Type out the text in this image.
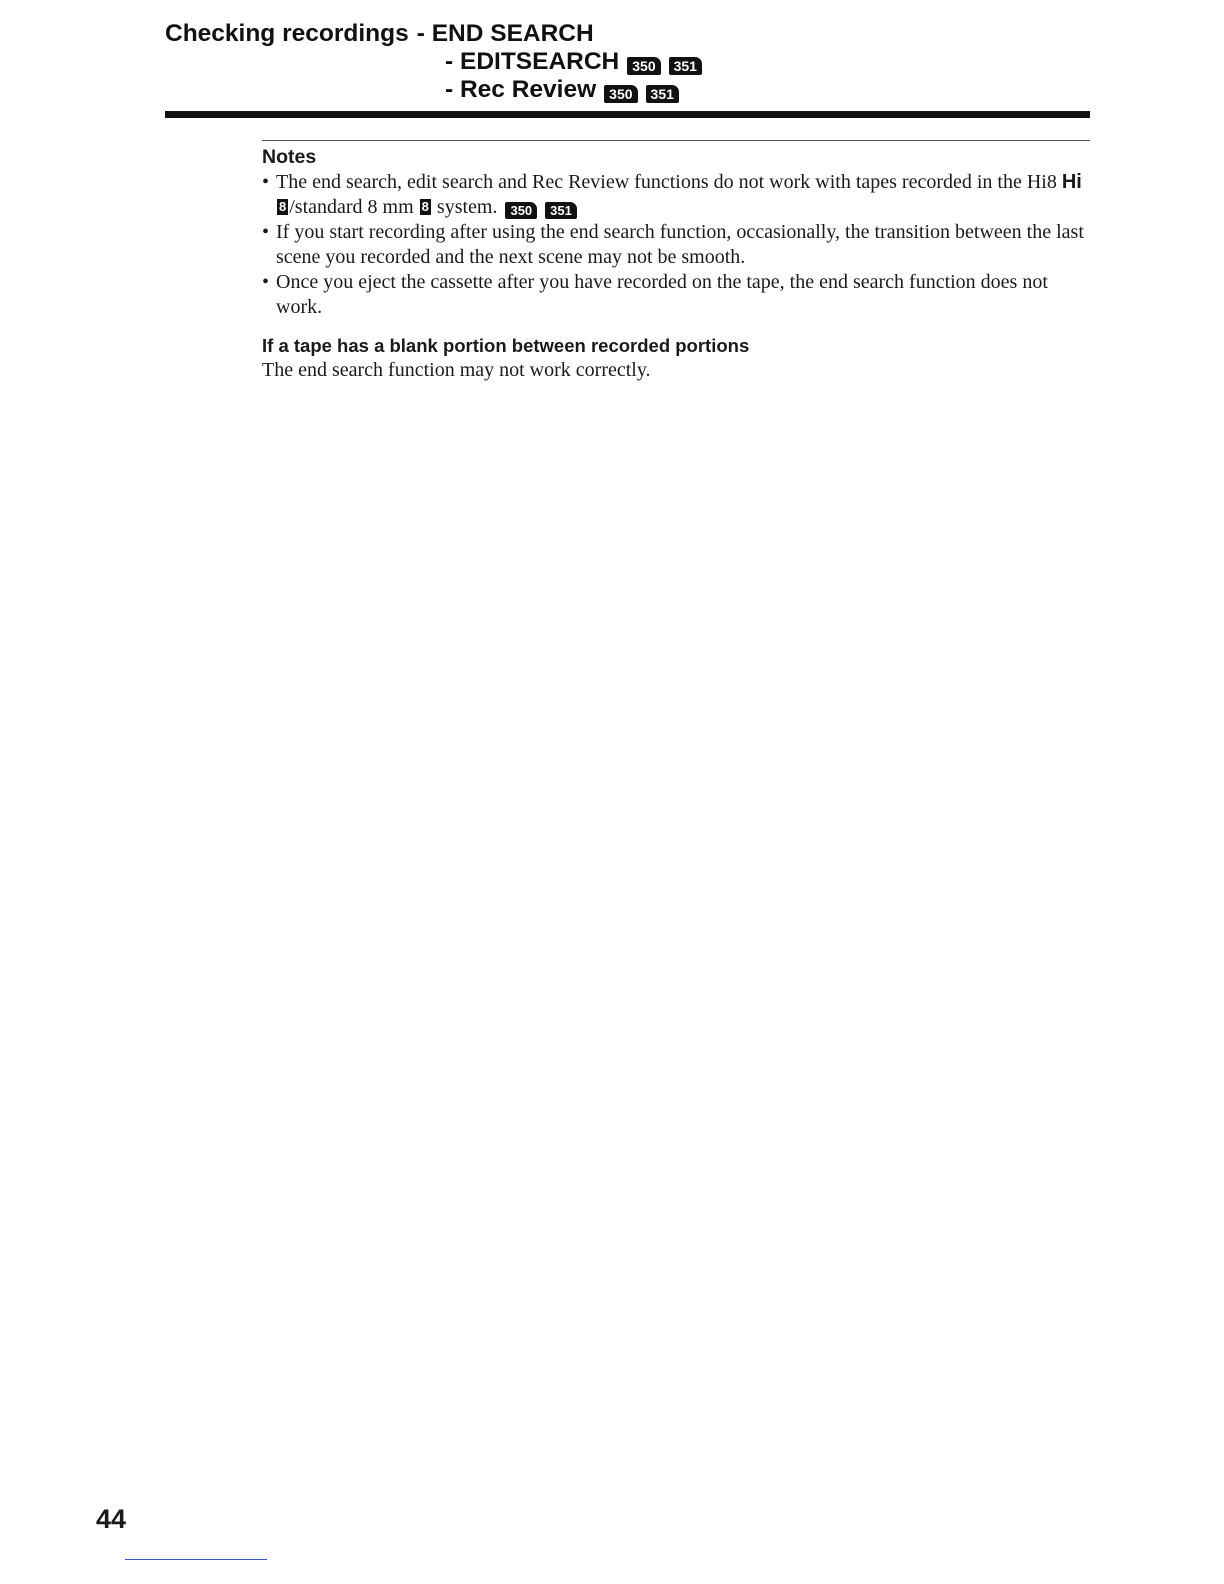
Checking recordings - END SEARCH
- EDITSEARCH 350 351
- Rec Review 350 351
Notes
• The end search, edit search and Rec Review functions do not work with tapes recorded in the Hi8 Hi8 /standard 8 mm 8 system. 350 351
• If you start recording after using the end search function, occasionally, the transition between the last scene you recorded and the next scene may not be smooth.
• Once you eject the cassette after you have recorded on the tape, the end search function does not work.
If a tape has a blank portion between recorded portions

The end search function may not work correctly.

44
